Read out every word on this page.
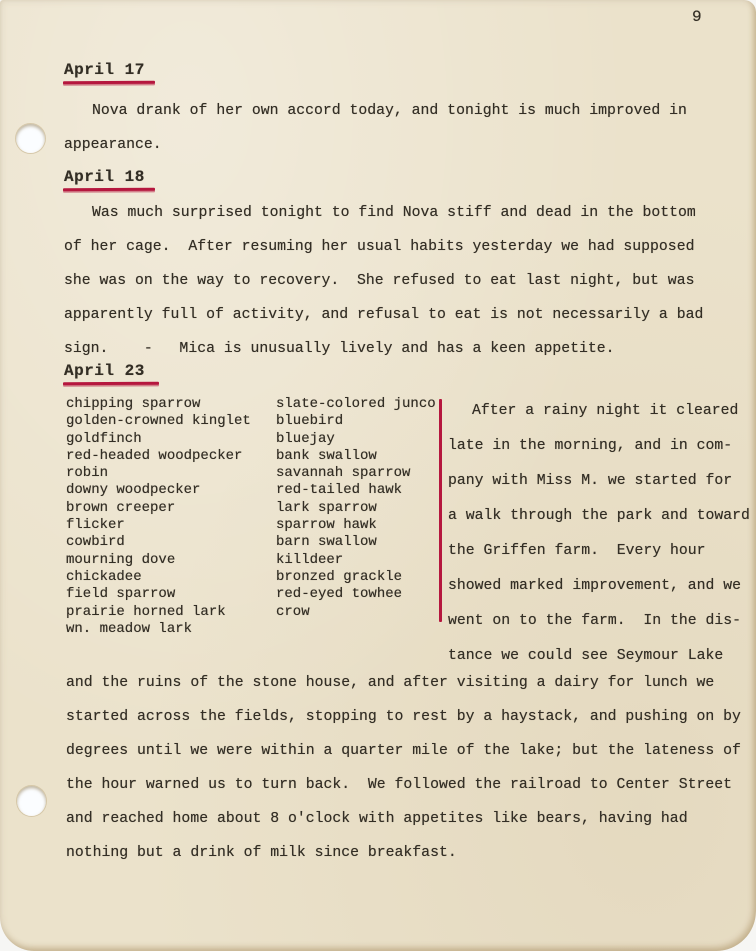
9
April 17
Nova drank of her own accord today, and tonight is much improved in
appearance.
April 18
Was much surprised tonight to find Nova stiff and dead in the bottom
of her cage.  After resuming her usual habits yesterday we had supposed
she was on the way to recovery.  She refused to eat last night, but was
apparently full of activity, and refusal to eat is not necessarily a bad
sign.    -   Mica is unusually lively and has a keen appetite.
April 23
chipping sparrow
golden-crowned kinglet
goldfinch
red-headed woodpecker
robin
downy woodpecker
brown creeper
flicker
cowbird
mourning dove
chickadee
field sparrow
prairie horned lark
wn. meadow lark
slate-colored junco
bluebird
bluejay
bank swallow
savannah sparrow
red-tailed hawk
lark sparrow
sparrow hawk
barn swallow
killdeer
bronzed grackle
red-eyed towhee
crow
After a rainy night it cleared
late in the morning, and in com-
pany with Miss M. we started for
a walk through the park and toward
the Griffen farm.  Every hour
showed marked improvement, and we
went on to the farm.  In the dis-
tance we could see Seymour Lake
and the ruins of the stone house, and after visiting a dairy for lunch we
started across the fields, stopping to rest by a haystack, and pushing on by
degrees until we were within a quarter mile of the lake; but the lateness of
the hour warned us to turn back.  We followed the railroad to Center Street
and reached home about 8 o'clock with appetites like bears, having had
nothing but a drink of milk since breakfast.
